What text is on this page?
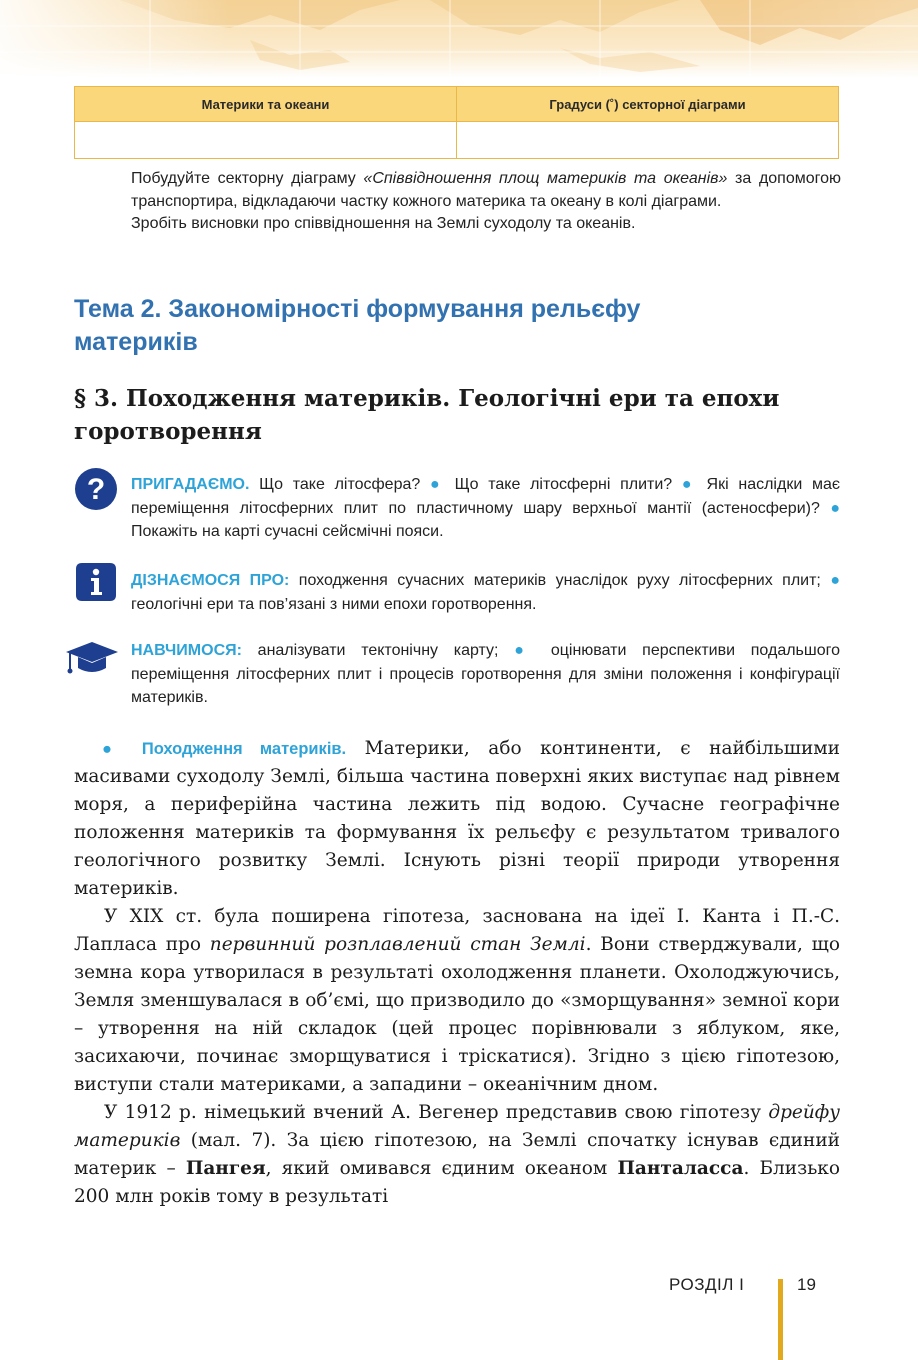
Материки та океани	Градуси (˚) секторної діаграми

Побудуйте секторну діаграму «Співвідношення площ материків та океанів» за допомогою транспортира, відкладаючи частку кожного материка та океану в колі діаграми.

Зробіть висновки про співвідношення на Землі суходолу та океанів.

Тема 2. Закономірності формування рельєфу материків
§ 3. Походження материків. Геологічні ери та епохи горотворення
? ПРИГАДАЄМО. Що таке літосфера? ● Що таке літосферні плити? ● Які наслідки має переміщення літосферних плит по пластичному шару верхньої мантії (астеносфери)? ● Покажіть на карті сучасні сейсмічні пояси.
ДІЗНАЄМОСЯ ПРО: походження сучасних материків унаслідок руху літосферних плит; ● геологічні ери та пов’язані з ними епохи горотворення.
НАВЧИМОСЯ: аналізувати тектонічну карту; ● оцінювати перспективи подальшого переміщення літосферних плит і процесів горотворення для зміни положення і конфігурації материків.

● Походження материків. Материки, або континенти, є найбільшими масивами суходолу Землі, більша частина поверхні яких виступає над рівнем моря, а периферійна частина лежить під водою. Сучасне географічне положення материків та формування їх рельєфу є результатом тривалого геологічного розвитку Землі. Існують різні теорії природи утворення материків.

У XIX ст. була поширена гіпотеза, заснована на ідеї І. Канта і П.-С. Лапласа про первинний розплавлений стан Землі. Вони стверджували, що земна кора утворилася в результаті охолодження планети. Охолоджуючись, Земля зменшувалася в об’ємі, що призводило до «зморщування» земної кори – утворення на ній складок (цей процес порівнювали з яблуком, яке, засихаючи, починає зморщуватися і тріскатися). Згідно з цією гіпотезою, виступи стали материками, а западини – океанічним дном.

У 1912 р. німецький вчений А. Вегенер представив свою гіпотезу дрейфу материків (мал. 7). За цією гіпотезою, на Землі спочатку існував єдиний материк – Пангея, який омивався єдиним океаном Панталасса. Близько 200 млн років тому в результаті

РОЗДІЛ I	19
